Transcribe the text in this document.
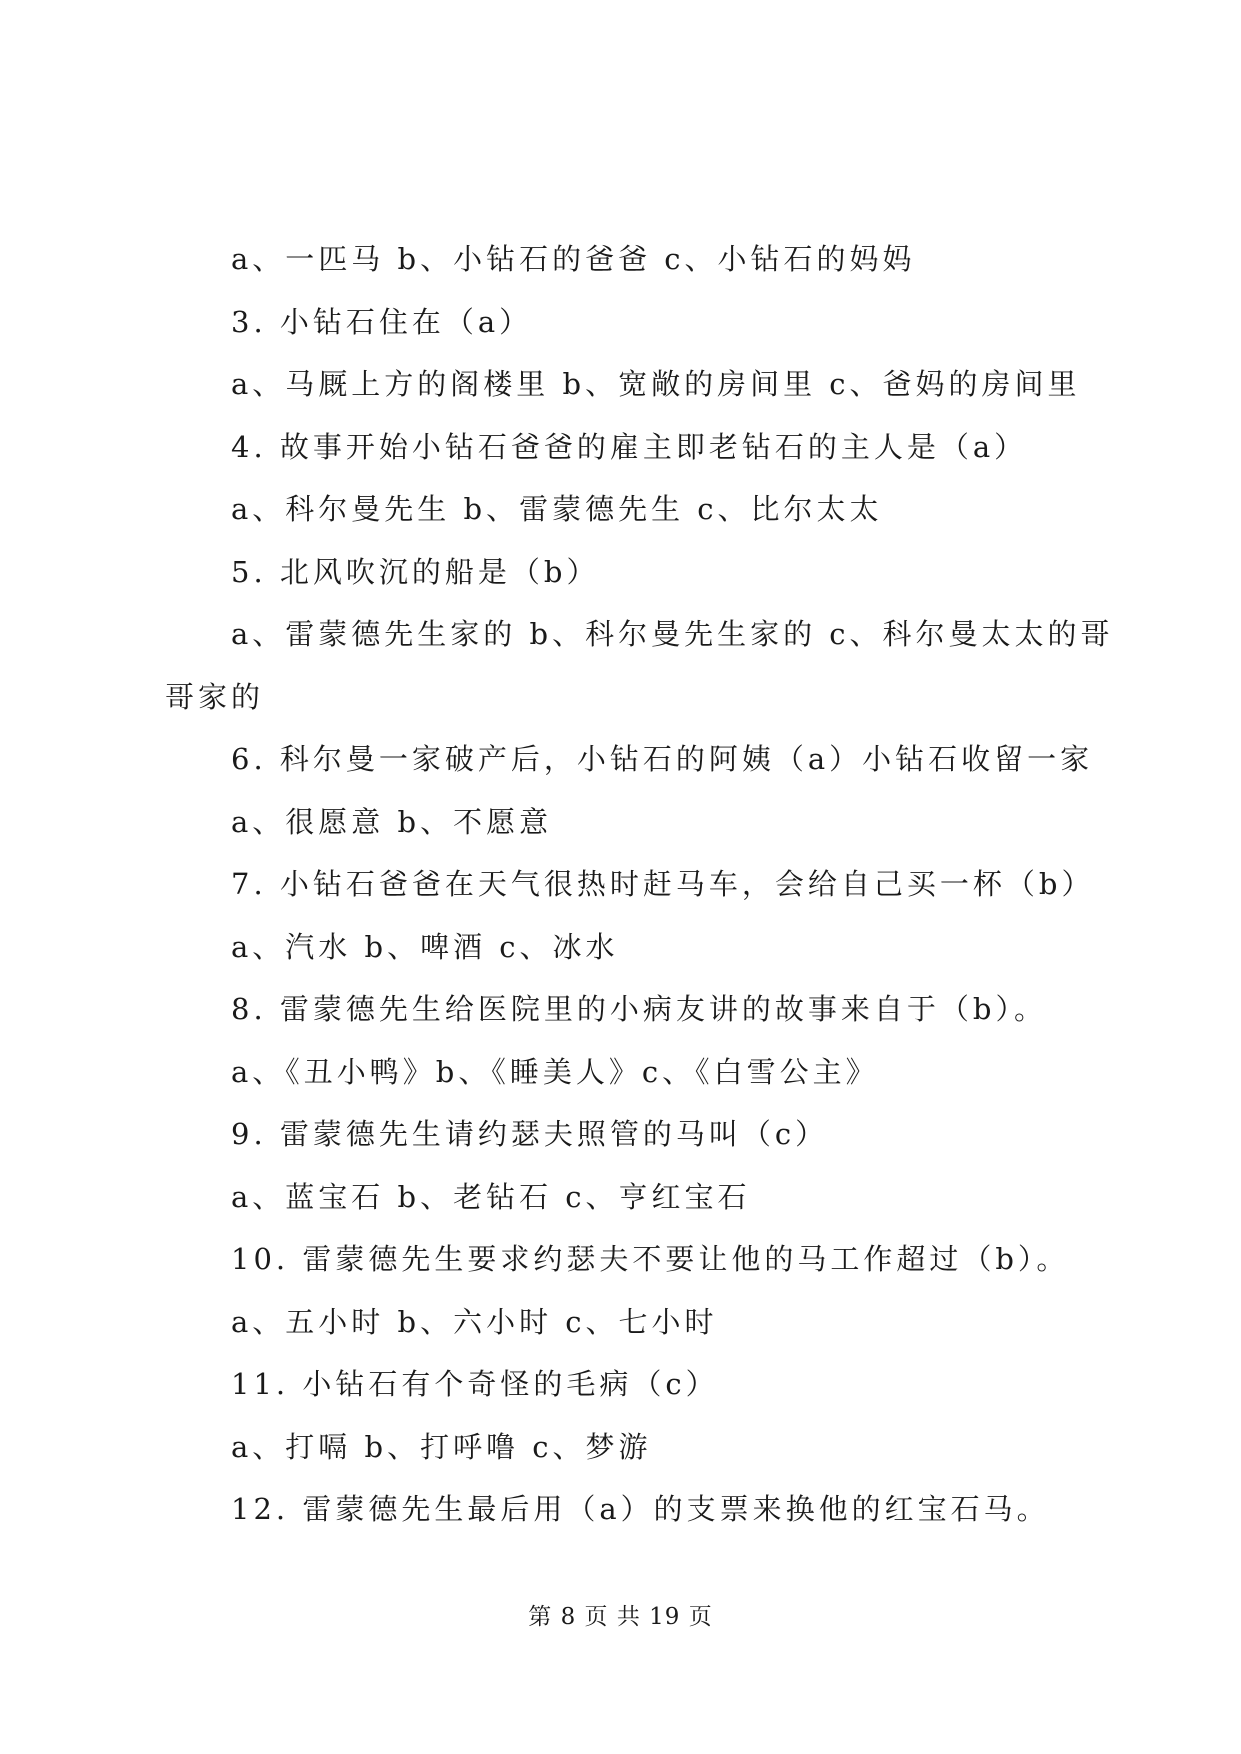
a、一匹马 b、小钻石的爸爸 c、小钻石的妈妈

3. 小钻石住在（a）

a、马厩上方的阁楼里 b、宽敞的房间里 c、爸妈的房间里

4. 故事开始小钻石爸爸的雇主即老钻石的主人是（a）

a、科尔曼先生 b、雷蒙德先生 c、比尔太太

5. 北风吹沉的船是（b）

a、雷蒙德先生家的 b、科尔曼先生家的 c、科尔曼太太的哥

哥家的

6. 科尔曼一家破产后，小钻石的阿姨（a）小钻石收留一家

a、很愿意 b、不愿意

7. 小钻石爸爸在天气很热时赶马车，会给自己买一杯（b）

a、汽水 b、啤酒 c、冰水

8. 雷蒙德先生给医院里的小病友讲的故事来自于（b）。

a、《丑小鸭》b、《睡美人》c、《白雪公主》

9. 雷蒙德先生请约瑟夫照管的马叫（c）

a、蓝宝石 b、老钻石 c、亨红宝石

10. 雷蒙德先生要求约瑟夫不要让他的马工作超过（b）。

a、五小时 b、六小时 c、七小时

11. 小钻石有个奇怪的毛病（c）

a、打嗝 b、打呼噜 c、梦游

12. 雷蒙德先生最后用（a）的支票来换他的红宝石马。

第 8 页 共 19 页
